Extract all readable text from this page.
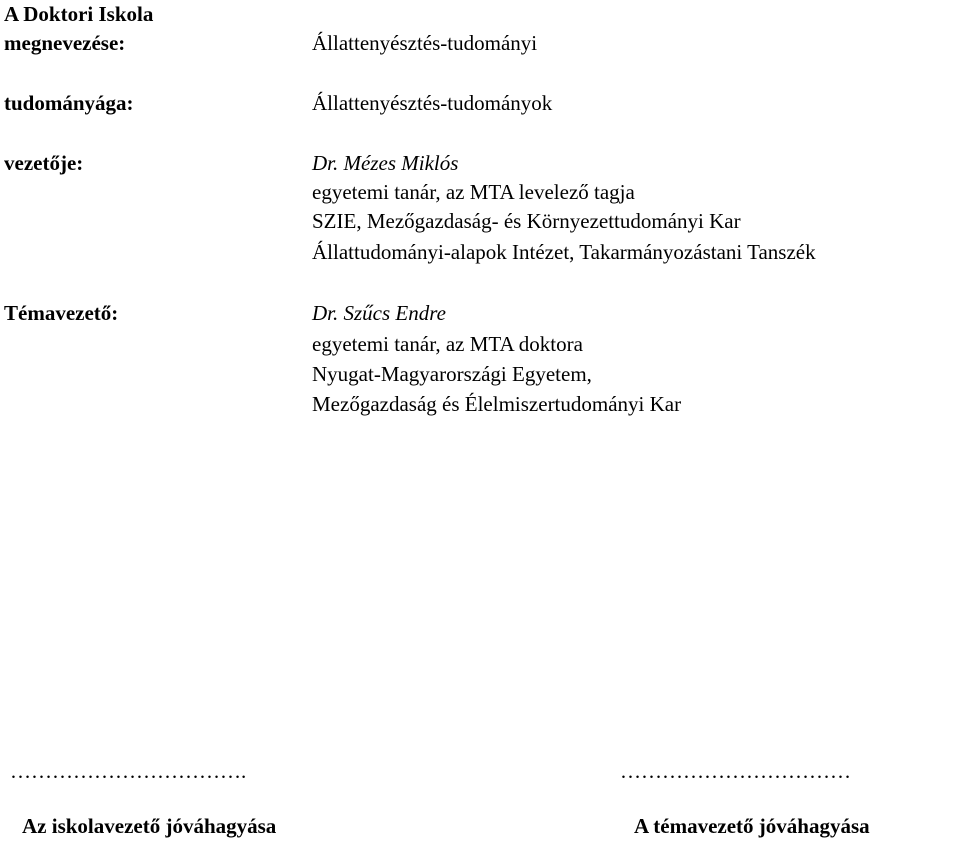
A Doktori Iskola
megnevezése:	Állattenyésztés-tudományi
tudományága:	Állattenyésztés-tudományok
vezetője:	Dr. Mézes Miklós
egyetemi tanár, az MTA levelező tagja
SZIE, Mezőgazdaság- és Környezettudományi Kar
Állattudományi-alapok Intézet, Takarmányozástani Tanszék
Témavezető:	Dr. Szűcs Endre
egyetemi tanár, az MTA doktora
Nyugat-Magyarországi Egyetem,
Mezőgazdaság és Élelmiszertudományi Kar
…………………………….
Az iskolavezető jóváhagyása
……………………………
A témavezető jóváhagyása
